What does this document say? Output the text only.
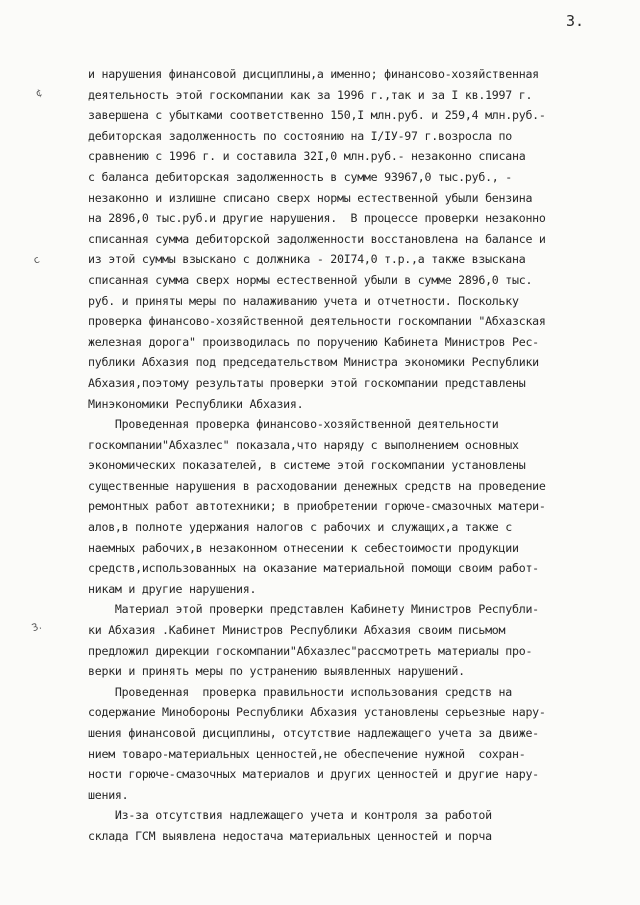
3.
¢
c
3.
и нарушения финансовой дисциплины,а именно; финансово-хозяйственная
деятельность этой госкомпании как за 1996 г.,так и за I кв.1997 г.
завершена с убытками соответственно 150,I млн.руб. и 259,4 млн.руб.-
дебиторская задолженность по состоянию на I/IУ-97 г.возросла по
сравнению с 1996 г. и составила 32I,0 млн.руб.- незаконно списана
с баланса дебиторская задолженность в сумме 93967,0 тыс.руб., -
незаконно и излишне списано сверх нормы естественной убыли бензина
на 2896,0 тыс.руб.и другие нарушения.  В процессе проверки незаконно
списанная сумма дебиторской задолженности восстановлена на балансе и
из этой суммы взыскано с должника - 20I74,0 т.р.,а также взыскана
списанная сумма сверх нормы естественной убыли в сумме 2896,0 тыс.
руб. и приняты меры по налаживанию учета и отчетности. Поскольку
проверка финансово-хозяйственной деятельности госкомпании "Абхазская
железная дорога" производилась по поручению Кабинета Министров Рес-
публики Абхазия под председательством Министра экономики Республики
Абхазия,поэтому результаты проверки этой госкомпании представлены
Минэкономики Республики Абхазия.
Проведенная проверка финансово-хозяйственной деятельности
госкомпании"Абхазлес" показала,что наряду с выполнением основных
экономических показателей, в системе этой госкомпании установлены
существенные нарушения в расходовании денежных средств на проведение
ремонтных работ автотехники; в приобретении горюче-смазочных матери-
алов,в полноте удержания налогов с рабочих и служащих,а также с
наемных рабочих,в незаконном отнесении к себестоимости продукции
средств,использованных на оказание материальной помощи своим работ-
никам и другие нарушения.
Материал этой проверки представлен Кабинету Министров Республи-
ки Абхазия .Кабинет Министров Республики Абхазия своим письмом
предложил дирекции госкомпании"Абхазлес"рассмотреть материалы про-
верки и принять меры по устранению выявленных нарушений.
Проведенная  проверка правильности использования средств на
содержание Минобороны Республики Абхазия установлены серьезные нару-
шения финансовой дисциплины, отсутствие надлежащего учета за движе-
нием товаро-материальных ценностей,не обеспечение нужной  сохран-
ности горюче-смазочных материалов и других ценностей и другие нару-
шения.
Из-за отсутствия надлежащего учета и контроля за работой
склада ГСМ выявлена недостача материальных ценностей и порча
